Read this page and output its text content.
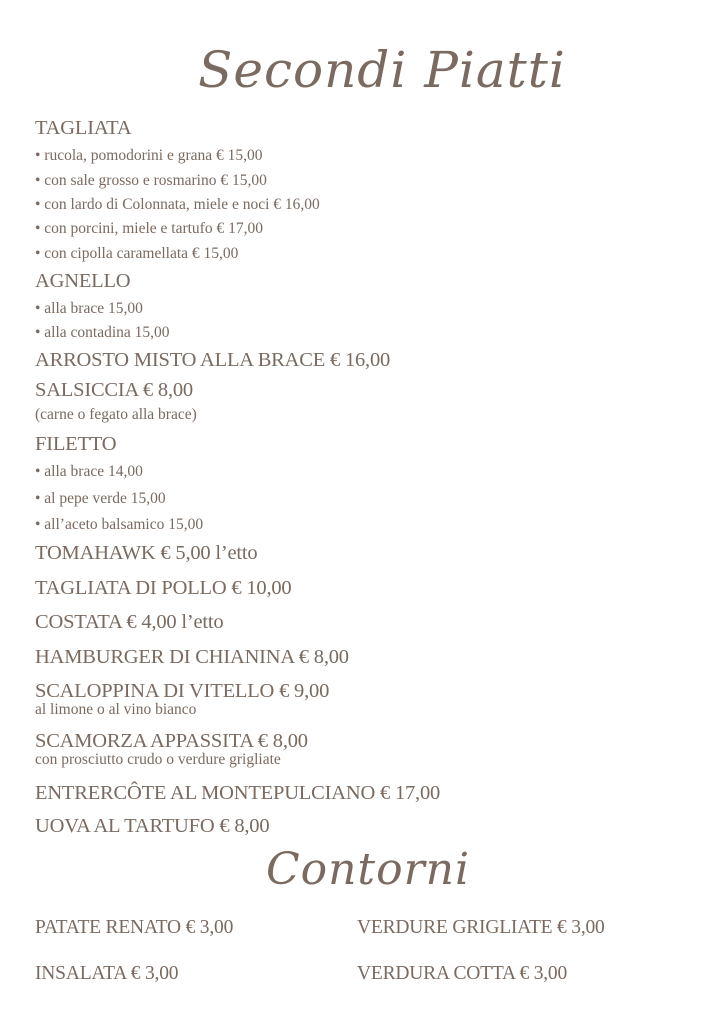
Secondi Piatti
TAGLIATA
• rucola, pomodorini e grana € 15,00
• con sale grosso e rosmarino € 15,00
• con lardo di Colonnata, miele e noci € 16,00
• con porcini, miele e tartufo € 17,00
• con cipolla caramellata € 15,00
AGNELLO
• alla brace 15,00
• alla contadina 15,00
ARROSTO MISTO ALLA BRACE € 16,00
SALSICCIA € 8,00
(carne o fegato alla brace)
FILETTO
• alla brace 14,00
• al pepe verde 15,00
• all’aceto balsamico 15,00
TOMAHAWK € 5,00 l’etto
TAGLIATA DI POLLO € 10,00
COSTATA € 4,00 l’etto
HAMBURGER DI CHIANINA € 8,00
SCALOPPINA DI VITELLO € 9,00
al limone o al vino bianco
SCAMORZA APPASSITA € 8,00
con prosciutto crudo o verdure grigliate
ENTRERCÔTE AL MONTEPULCIANO € 17,00
UOVA AL TARTUFO € 8,00
Contorni
PATATE RENATO € 3,00	VERDURE GRIGLIATE € 3,00
INSALATA € 3,00	VERDURA COTTA € 3,00
